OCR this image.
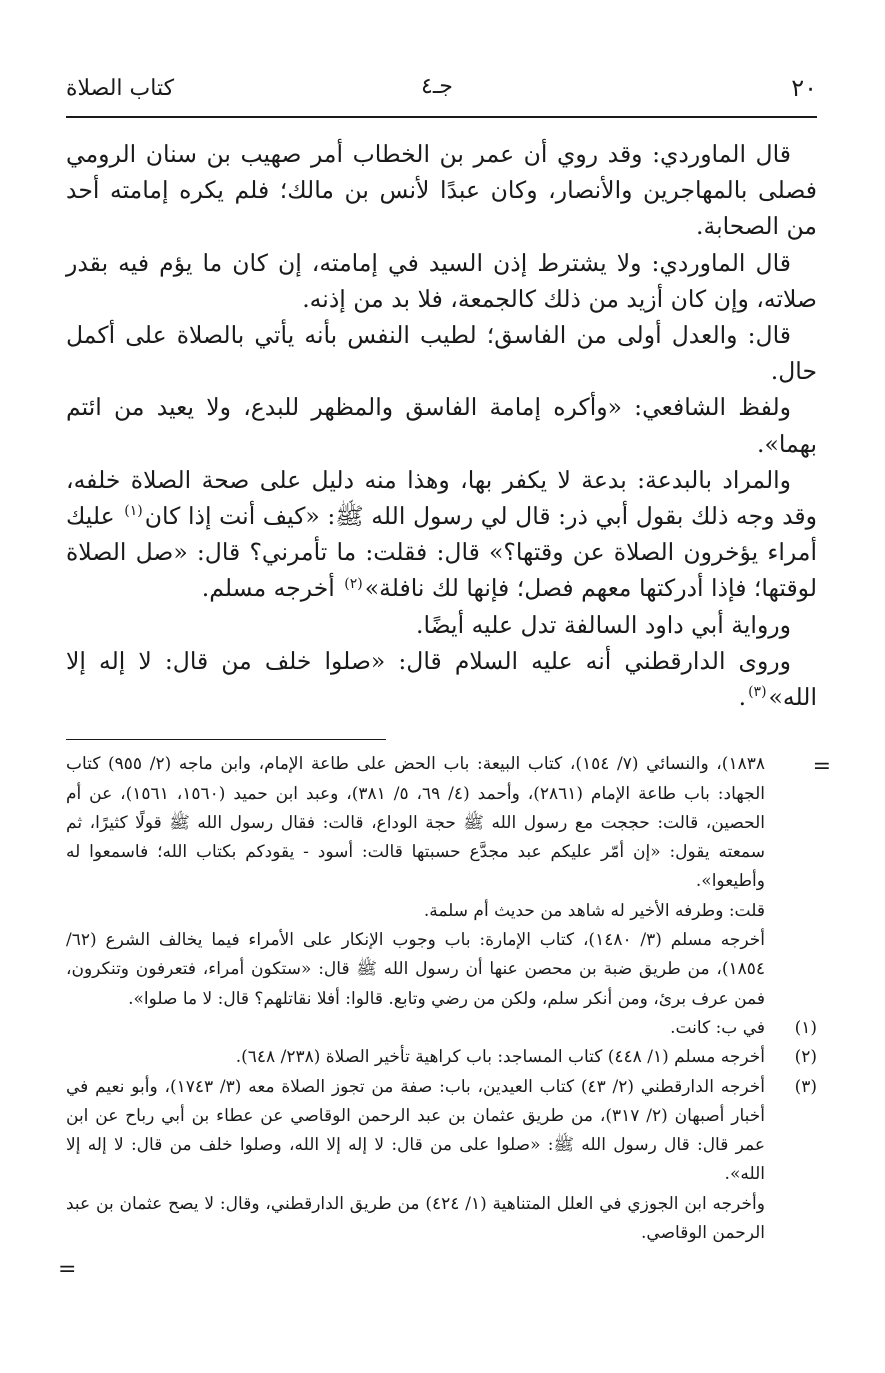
٢٠
جـ٤
كتاب الصلاة

قال الماوردي: وقد روي أن عمر بن الخطاب أمر صهيب بن سنان الرومي فصلى بالمهاجرين والأنصار، وكان عبدًا لأنس بن مالك؛ فلم يكره إمامته أحد من الصحابة.

قال الماوردي: ولا يشترط إذن السيد في إمامته، إن كان ما يؤم فيه بقدر صلاته، وإن كان أزيد من ذلك كالجمعة، فلا بد من إذنه.

قال: والعدل أولى من الفاسق؛ لطيب النفس بأنه يأتي بالصلاة على أكمل حال.

ولفظ الشافعي: «وأكره إمامة الفاسق والمظهر للبدع، ولا يعيد من ائتم بهما».

والمراد بالبدعة: بدعة لا يكفر بها، وهذا منه دليل على صحة الصلاة خلفه، وقد وجه ذلك بقول أبي ذر: قال لي رسول الله ﷺ: «كيف أنت إذا كان$^{(١)}$ عليك أمراء يؤخرون الصلاة عن وقتها؟» قال: فقلت: ما تأمرني؟ قال: «صل الصلاة لوقتها؛ فإذا أدركتها معهم فصل؛ فإنها لك نافلة»$^{(٢)}$ أخرجه مسلم.

ورواية أبي داود السالفة تدل عليه أيضًا.

وروى الدارقطني أنه عليه السلام قال: «صلوا خلف من قال: لا إله إلا الله»$^{(٣)}$.

=

١٨٣٨)، والنسائي (٧/ ١٥٤)، كتاب البيعة: باب الحض على طاعة الإمام، وابن ماجه (٢/ ٩٥٥) كتاب الجهاد: باب طاعة الإمام (٢٨٦١)، وأحمد (٤/ ٦٩، ٥/ ٣٨١)، وعبد ابن حميد (١٥٦٠، ١٥٦١)، عن أم الحصين، قالت: حججت مع رسول الله ﷺ حجة الوداع، قالت: فقال رسول الله ﷺ قولًا كثيرًا، ثم سمعته يقول: «إن أمّر عليكم عبد مجدَّع حسبتها قالت: أسود - يقودكم بكتاب الله؛ فاسمعوا له وأطيعوا».

قلت: وطرفه الأخير له شاهد من حديث أم سلمة.

أخرجه مسلم (٣/ ١٤٨٠)، كتاب الإمارة: باب وجوب الإنكار على الأمراء فيما يخالف الشرع (٦٢/ ١٨٥٤)، من طريق ضبة بن محصن عنها أن رسول الله ﷺ قال: «ستكون أمراء، فتعرفون وتنكرون، فمن عرف برئ، ومن أنكر سلم، ولكن من رضي وتابع. قالوا: أفلا نقاتلهم؟ قال: لا ما صلوا».

(١)

في ب: كانت.

(٢)

أخرجه مسلم (١/ ٤٤٨) كتاب المساجد: باب كراهية تأخير الصلاة (٢٣٨/ ٦٤٨).

(٣)

أخرجه الدارقطني (٢/ ٤٣) كتاب العيدين، باب: صفة من تجوز الصلاة معه (٣/ ١٧٤٣)، وأبو نعيم في أخبار أصبهان (٢/ ٣١٧)، من طريق عثمان بن عبد الرحمن الوقاصي عن عطاء بن أبي رباح عن ابن عمر قال: قال رسول الله ﷺ: «صلوا على من قال: لا إله إلا الله، وصلوا خلف من قال: لا إله إلا الله».

وأخرجه ابن الجوزي في العلل المتناهية (١/ ٤٢٤) من طريق الدارقطني، وقال: لا يصح عثمان بن عبد الرحمن الوقاصي.

=
